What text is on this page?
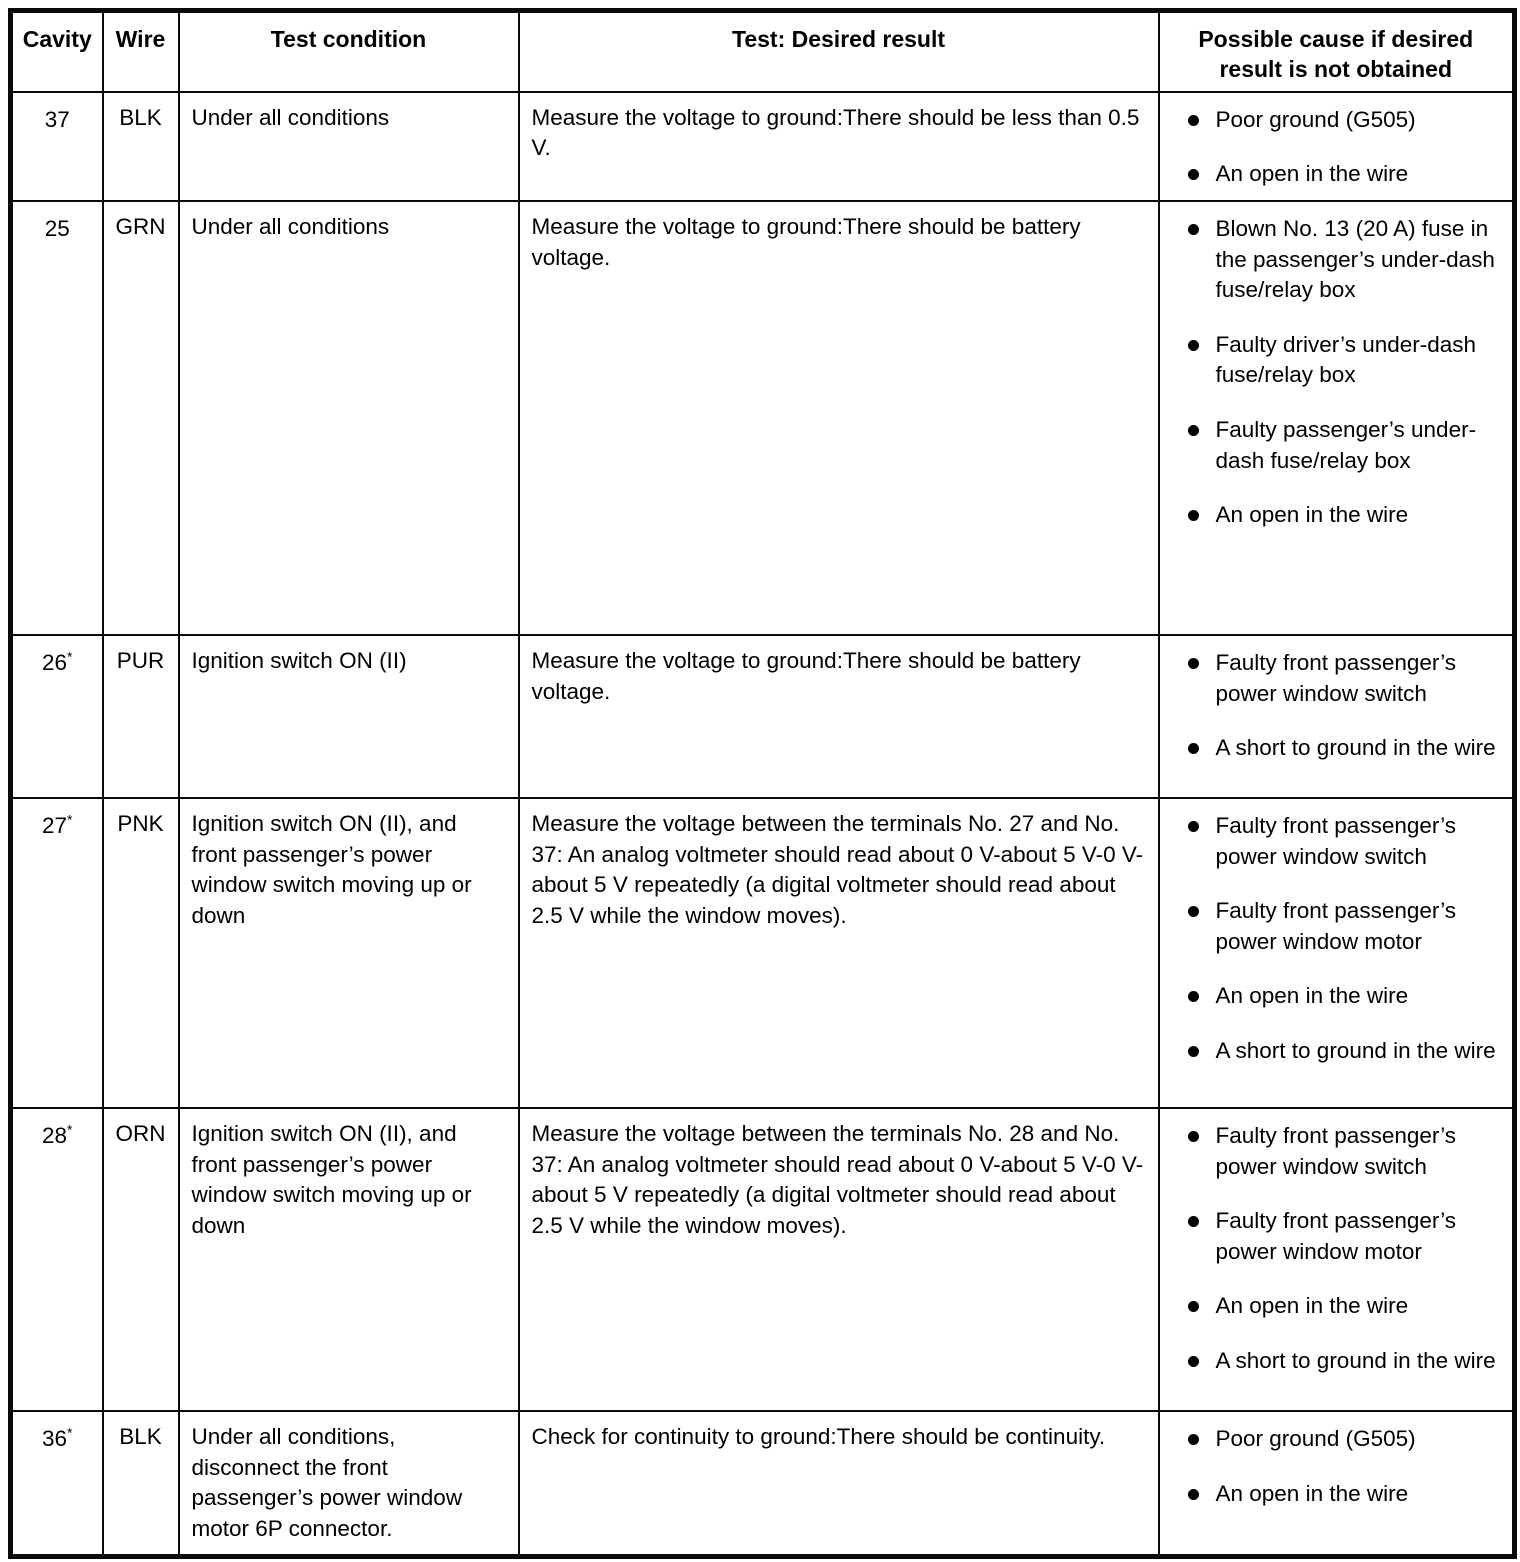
Cavity	Wire	Test condition	Test: Desired result	Possible cause if desired result is not obtained
37	BLK	Under all conditions	Measure the voltage to ground:There should be less than 0.5 V.	
Poor ground (G505)
An open in the wire

25	GRN	Under all conditions	Measure the voltage to ground:There should be battery voltage.	
Blown No. 13 (20 A) fuse in the passenger’s under-dash fuse/relay box
Faulty driver’s under-dash fuse/relay box
Faulty passenger’s under-dash fuse/relay box
An open in the wire

26*	PUR	Ignition switch ON (II)	Measure the voltage to ground:There should be battery voltage.	
Faulty front passenger’s power window switch
A short to ground in the wire

27*	PNK	Ignition switch ON (II), and front passenger’s power window switch moving up or down	Measure the voltage between the terminals No. 27 and No. 37: An analog voltmeter should read about 0 V-about 5 V-0 V-about 5 V repeatedly (a digital voltmeter should read about 2.5 V while the window moves).	
Faulty front passenger’s power window switch
Faulty front passenger’s power window motor
An open in the wire
A short to ground in the wire

28*	ORN	Ignition switch ON (II), and front passenger’s power window switch moving up or down	Measure the voltage between the terminals No. 28 and No. 37: An analog voltmeter should read about 0 V-about 5 V-0 V-about 5 V repeatedly (a digital voltmeter should read about 2.5 V while the window moves).	
Faulty front passenger’s power window switch
Faulty front passenger’s power window motor
An open in the wire
A short to ground in the wire

36*	BLK	Under all conditions, disconnect the front passenger’s power window motor 6P connector.	Check for continuity to ground:There should be continuity.	Poor ground (G505)
An open in the wire
